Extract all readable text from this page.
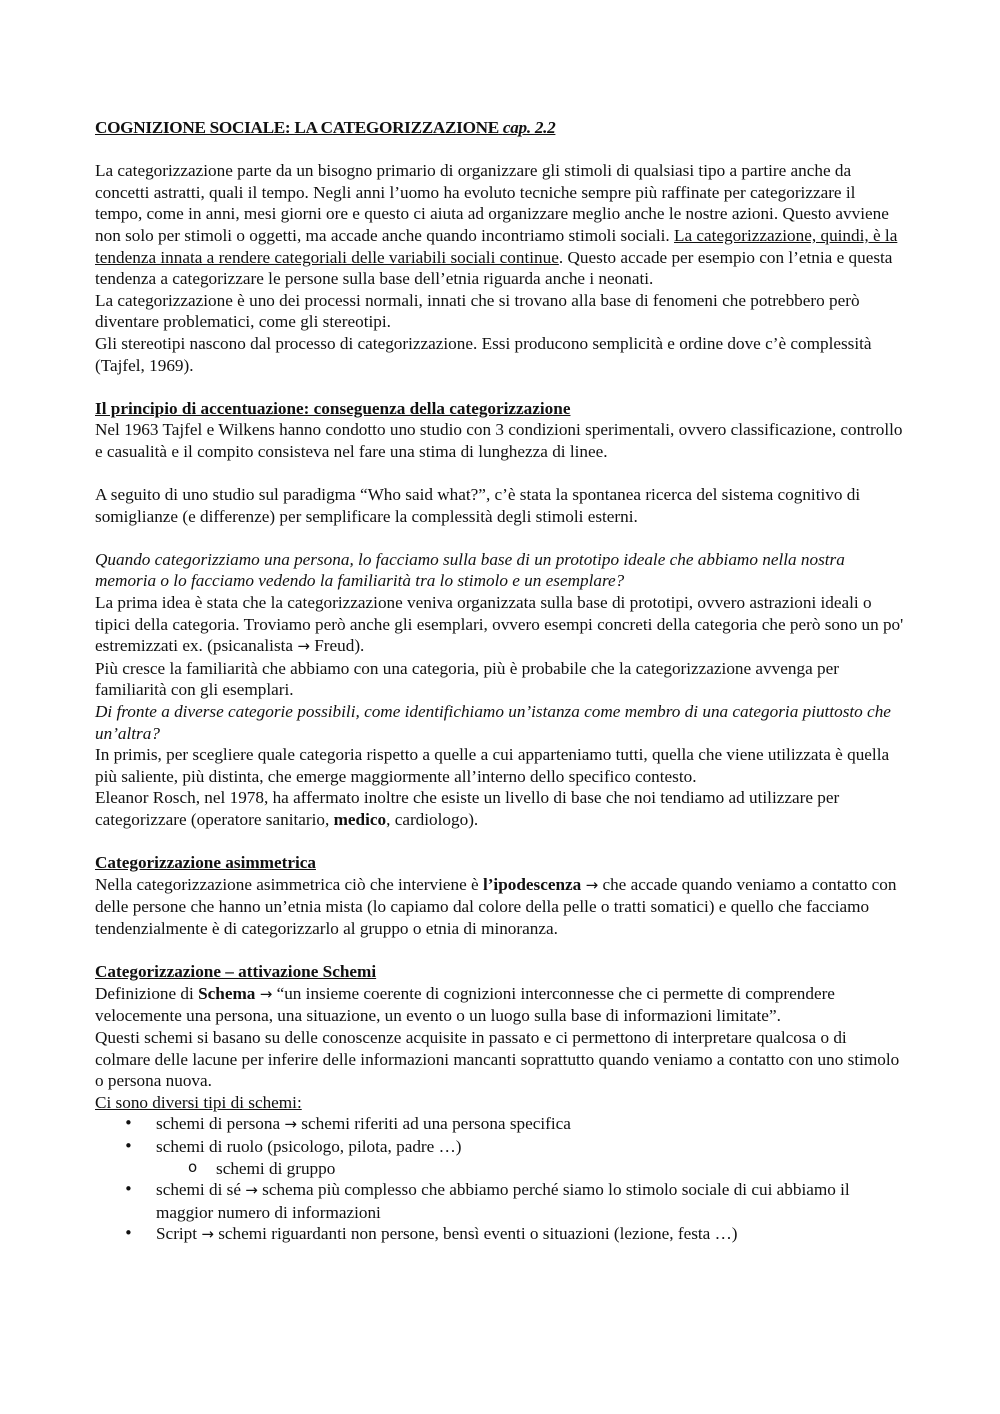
COGNIZIONE SOCIALE: LA CATEGORIZZAZIONE cap. 2.2

La categorizzazione parte da un bisogno primario di organizzare gli stimoli di qualsiasi tipo a partire anche da concetti astratti, quali il tempo. Negli anni l’uomo ha evoluto tecniche sempre più raffinate per categorizzare il tempo, come in anni, mesi giorni ore e questo ci aiuta ad organizzare meglio anche le nostre azioni. Questo avviene non solo per stimoli o oggetti, ma accade anche quando incontriamo stimoli sociali. La categorizzazione, quindi, è la tendenza innata a rendere categoriali delle variabili sociali continue. Questo accade per esempio con l’etnia e questa tendenza a categorizzare le persone sulla base dell’etnia riguarda anche i neonati.

La categorizzazione è uno dei processi normali, innati che si trovano alla base di fenomeni che potrebbero però diventare problematici, come gli stereotipi.

Gli stereotipi nascono dal processo di categorizzazione. Essi producono semplicità e ordine dove c’è complessità (Tajfel, 1969).

Il principio di accentuazione: conseguenza della categorizzazione

Nel 1963 Tajfel e Wilkens hanno condotto uno studio con 3 condizioni sperimentali, ovvero classificazione, controllo e casualità e il compito consisteva nel fare una stima di lunghezza di linee.

A seguito di uno studio sul paradigma “Who said what?”, c’è stata la spontanea ricerca del sistema cognitivo di somiglianze (e differenze) per semplificare la complessità degli stimoli esterni.

Quando categorizziamo una persona, lo facciamo sulla base di un prototipo ideale che abbiamo nella nostra memoria o lo facciamo vedendo la familiarità tra lo stimolo e un esemplare?

La prima idea è stata che la categorizzazione veniva organizzata sulla base di prototipi, ovvero astrazioni ideali o tipici della categoria. Troviamo però anche gli esemplari, ovvero esempi concreti della categoria che però sono un po' estremizzati ex. (psicanalista → Freud).

Più cresce la familiarità che abbiamo con una categoria, più è probabile che la categorizzazione avvenga per familiarità con gli esemplari.

Di fronte a diverse categorie possibili, come identifichiamo un’istanza come membro di una categoria piuttosto che un’altra?

In primis, per scegliere quale categoria rispetto a quelle a cui apparteniamo tutti, quella che viene utilizzata è quella più saliente, più distinta, che emerge maggiormente all’interno dello specifico contesto.

Eleanor Rosch, nel 1978, ha affermato inoltre che esiste un livello di base che noi tendiamo ad utilizzare per categorizzare (operatore sanitario, medico, cardiologo).

Categorizzazione asimmetrica

Nella categorizzazione asimmetrica ciò che interviene è l’ipodescenza → che accade quando veniamo a contatto con delle persone che hanno un’etnia mista (lo capiamo dal colore della pelle o tratti somatici) e quello che facciamo tendenzialmente è di categorizzarlo al gruppo o etnia di minoranza.

Categorizzazione – attivazione Schemi

Definizione di Schema → “un insieme coerente di cognizioni interconnesse che ci permette di comprendere velocemente una persona, una situazione, un evento o un luogo sulla base di informazioni limitate”.

Questi schemi si basano su delle conoscenze acquisite in passato e ci permettono di interpretare qualcosa o di colmare delle lacune per inferire delle informazioni mancanti soprattutto quando veniamo a contatto con uno stimolo o persona nuova.

Ci sono diversi tipi di schemi:

• schemi di persona → schemi riferiti ad una persona specifica
• schemi di ruolo (psicologo, pilota, padre …)
o schemi di gruppo
• schemi di sé → schema più complesso che abbiamo perché siamo lo stimolo sociale di cui abbiamo il maggior numero di informazioni
• Script → schemi riguardanti non persone, bensì eventi o situazioni (lezione, festa …)
